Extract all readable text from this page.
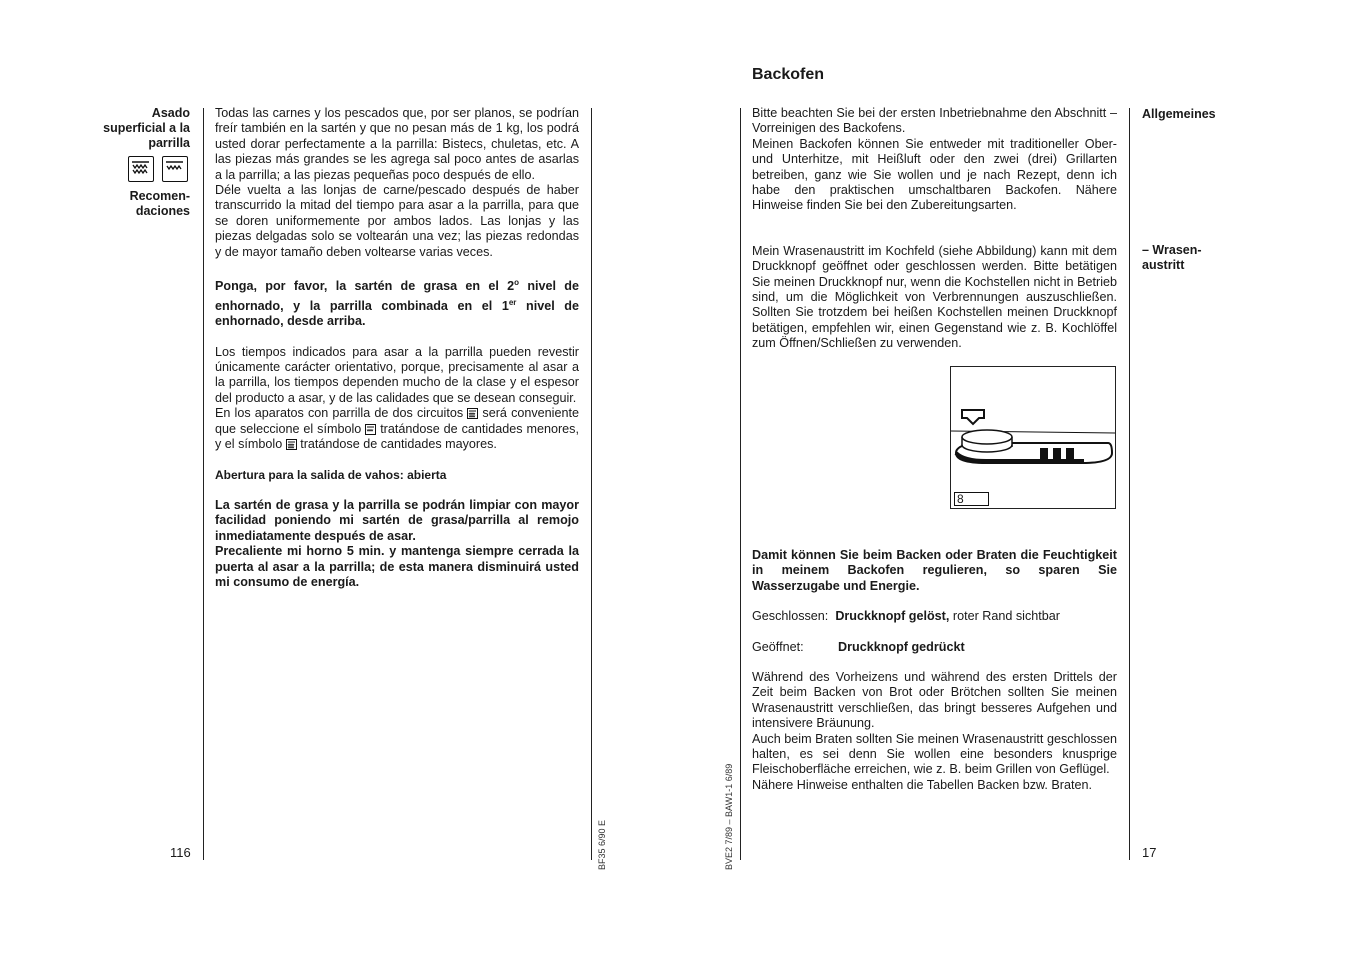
Asado
superficial a la
parrilla
Recomen-
daciones

Todas las carnes y los pescados que, por ser planos, se podrían freír también en la sartén y que no pesan más de 1 kg, los podrá usted dorar perfectamente a la parrilla: Bistecs, chuletas, etc. A las piezas más grandes se les agrega sal poco antes de asarlas a la parrilla; a las piezas pequeñas poco después de ello.

Déle vuelta a las lonjas de carne/pescado después de haber transcurrido la mitad del tiempo para asar a la parrilla, para que se doren uniformemente por ambos lados. Las lonjas y las piezas delgadas solo se voltearán una vez; las piezas redondas y de mayor tamaño deben voltearse varias veces.

Ponga, por favor, la sartén de grasa en el 2$^o$ nivel de enhornado, y la parrilla combinada en el 1er nivel de enhornado, desde arriba.

Los tiempos indicados para asar a la parrilla pueden revestir únicamente carácter orientativo, porque, precisamente al asar a la parrilla, los tiempos dependen mucho de la clase y el espesor del producto a asar, y de las calidades que se desean conseguir.

En los aparatos con parrilla de dos circuitos
será conveniente que seleccione el símbolo
tratándose de cantidades menores, y el símbolo
tratándose de cantidades mayores.

Abertura para la salida de vahos: abierta

La sartén de grasa y la parrilla se podrán limpiar con mayor facilidad poniendo mi sartén de grasa/parrilla al remojo inmediatamente después de asar.

Precaliente mi horno 5 min. y mantenga siempre cerrada la puerta al asar a la parrilla; de esta manera disminuirá usted mi consumo de energía.

116	BF35 6/90 E
Backofen
BVE2 7/89 – BAW1-1 6/89

Bitte beachten Sie bei der ersten Inbetriebnahme den Abschnitt – Vorreinigen des Backofens.

Meinen Backofen können Sie entweder mit traditioneller Ober- und Unterhitze, mit Heißluft oder den zwei (drei) Grillarten betreiben, ganz wie Sie wollen und je nach Rezept, denn ich habe den praktischen umschaltbaren Backofen. Nähere Hinweise finden Sie bei den Zubereitungsarten.

Mein Wrasenaustritt im Kochfeld (siehe Abbildung) kann mit dem Druckknopf geöffnet oder geschlossen werden. Bitte betätigen Sie meinen Druckknopf nur, wenn die Kochstellen nicht in Betrieb sind, um die Möglichkeit von Verbrennungen auszuschließen. Sollten Sie trotzdem bei heißen Kochstellen meinen Druckknopf betätigen, empfehlen wir, einen Gegenstand wie z. B. Kochlöffel zum Öffnen/Schließen zu verwenden.

Allgemeines
– Wrasen-
austritt
8

Damit können Sie beim Backen oder Braten die Feuchtigkeit in meinem Backofen regulieren, so sparen Sie Wasserzugabe und Energie.

Geschlossen: Druckknopf gelöst, roter Rand sichtbar

Geöffnet:	Druckknopf gedrückt

Während des Vorheizens und während des ersten Drittels der Zeit beim Backen von Brot oder Brötchen sollten Sie meinen Wrasenaustritt verschließen, das bringt besseres Aufgehen und intensivere Bräunung.

Auch beim Braten sollten Sie meinen Wrasenaustritt geschlossen halten, es sei denn Sie wollen eine besonders knusprige Fleischoberfläche erreichen, wie z. B. beim Grillen von Geflügel.

Nähere Hinweise enthalten die Tabellen Backen bzw. Braten.

17
